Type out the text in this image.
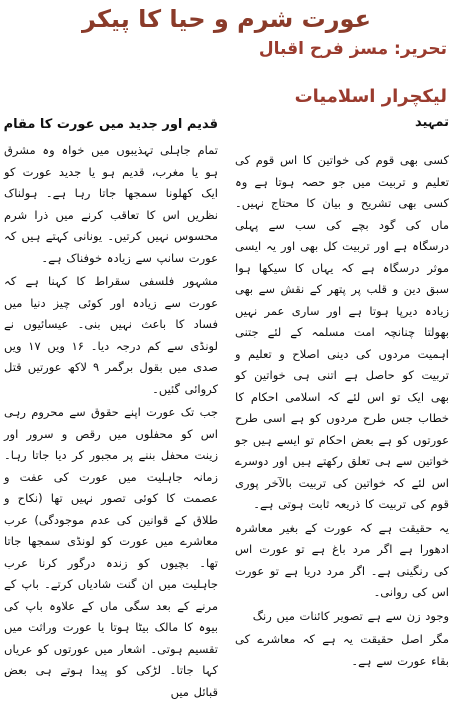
عورت شرم و حیا کا پیکر
تحریر: مسز فرح اقبال
لیکچرار اسلامیات
تمہید

کسی بھی قوم کی خواتین کا اس قوم کی تعلیم و تربیت میں جو حصہ ہوتا ہے وہ کسی بھی تشریح و بیان کا محتاج نہیں۔ ماں کی گود بچے کی سب سے پہلی درسگاہ ہے اور تربیت کل بھی اور یہ ایسی موثر درسگاہ ہے کہ یہاں کا سیکھا ہوا سبق دین و قلب پر پتھر کے نقش سے بھی زیادہ دیرپا ہوتا ہے اور ساری عمر نہیں بھولتا چنانچہ امت مسلمہ کے لئے جتنی اہمیت مردوں کی دینی اصلاح و تعلیم و تربیت کو حاصل ہے اتنی ہی خواتین کو بھی ایک تو اس لئے کہ اسلامی احکام کا خطاب جس طرح مردوں کو ہے اسی طرح عورتوں کو ہے بعض احکام تو ایسے ہیں جو خواتین سے ہی تعلق رکھتے ہیں اور دوسرے اس لئے کہ خواتین کی تربیت بالآخر پوری قوم کی تربیت کا ذریعہ ثابت ہوتی ہے۔

یہ حقیقت ہے کہ عورت کے بغیر معاشرہ ادھورا ہے اگر مرد باغ ہے تو عورت اس کی رنگینی ہے۔ اگر مرد دریا ہے تو عورت اس کی روانی۔

وجود زن سے ہے تصویر کائنات میں رنگ

مگر اصل حقیقت یہ ہے کہ معاشرے کی بقاء عورت سے ہے۔

قدیم اور جدید میں عورت کا مقام

تمام جاہلی تہذیبوں میں خواہ وہ مشرق ہو یا مغرب، قدیم ہو یا جدید عورت کو ایک کھلونا سمجھا جاتا رہا ہے۔ ہولناک نظریں اس کا تعاقب کرنے میں ذرا شرم محسوس نہیں کرتیں۔ یونانی کہتے ہیں کہ عورت سانپ سے زیادہ خوفناک ہے۔

مشہور فلسفی سقراط کا کہنا ہے کہ عورت سے زیادہ اور کوئی چیز دنیا میں فساد کا باعث نہیں بنی۔ عیسائیوں نے لونڈی سے کم درجہ دیا۔ ۱۶ ویں ۱۷ ویں صدی میں بقول برگمر ۹ لاکھ عورتیں قتل کروائی گئیں۔

جب تک عورت اپنے حقوق سے محروم رہی اس کو محفلوں میں رقص و سرور اور زینت محفل بننے پر مجبور کر دیا جاتا رہا۔ زمانہ جاہلیت میں عورت کی عفت و عصمت کا کوئی تصور نہیں تھا (نکاح و طلاق کے قوانین کی عدم موجودگی) عرب معاشرے میں عورت کو لونڈی سمجھا جاتا تھا۔ بچیوں کو زندہ درگور کرنا عرب جاہلیت میں ان گنت شادیاں کرتے۔ باپ کے مرنے کے بعد سگی ماں کے علاوہ باپ کی بیوہ کا مالک بیٹا ہوتا یا عورت وراثت میں تقسیم ہوتی۔ اشعار میں عورتوں کو عریاں کہا جاتا۔ لڑکی کو پیدا ہوتے ہی بعض قبائل میں
